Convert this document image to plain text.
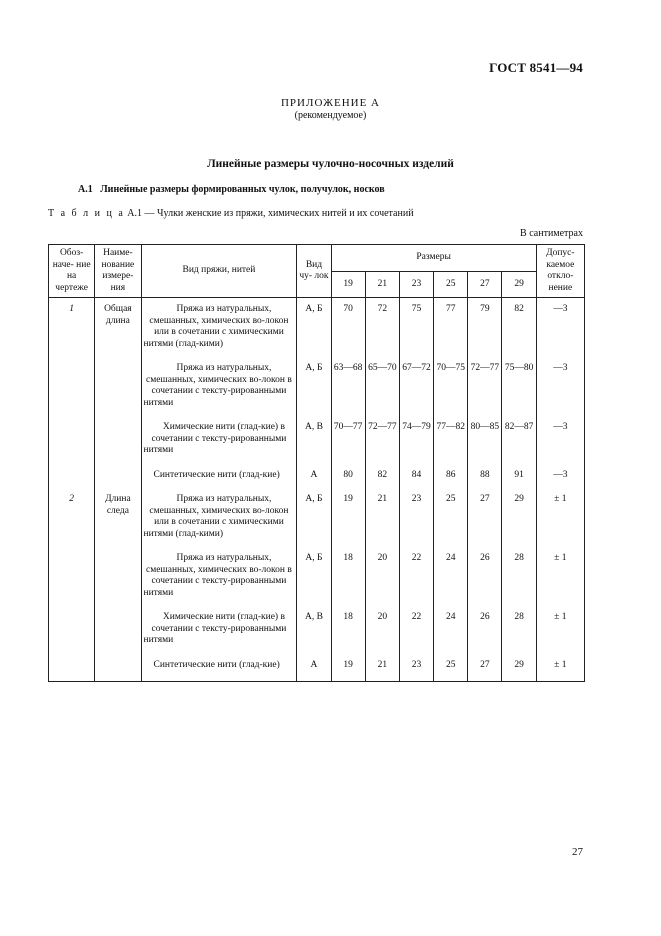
ГОСТ 8541—94
ПРИЛОЖЕНИЕ А
(рекомендуемое)
Линейные размеры чулочно-носочных изделий
А.1 Линейные размеры формированных чулок, получулок, носков
Т а б л и ц а А.1 — Чулки женские из пряжи, химических нитей и их сочетаний
В сантиметрах
Обоз- наче- ние на чертеже	Наиме- нование измере- ния	Вид пряжи, нитей	Вид чу- лок	Размеры						Допус- каемое откло- нение
				19	21	23	25	27	29	
1	Общая длина	Пряжа из натуральных, смешанных, химических во-локон или в сочетании с химическими нитями (глад-кими)	А, Б	70	72	75	77	79	82	—3

		Пряжа из натуральных, смешанных, химических во-локон в сочетании с тексту-рированными нитями	А, Б	63—68	65—70	67—72	70—75	72—77	75—80	—3

		Химические нити (глад-кие) в сочетании с тексту-рированными нитями	А, В	70—77	72—77	74—79	77—82	80—85	82—87	—3

		Синтетические нити (глад-кие)	А	80	82	84	86	88	91	—3
2	Длина следа	Пряжа из натуральных, смешанных, химических во-локон или в сочетании с химическими нитями (глад-кими)	А, Б	19	21	23	25	27	29	± 1

		Пряжа из натуральных, смешанных, химических во-локон в сочетании с тексту-рированными нитями	А, Б	18	20	22	24	26	28	± 1

		Химические нити (глад-кие) в сочетании с тексту-рированными нитями	А, В	18	20	22	24	26	28	± 1

		Синтетические нити (глад-кие)	А	19	21	23	25	27	29	± 1
27
